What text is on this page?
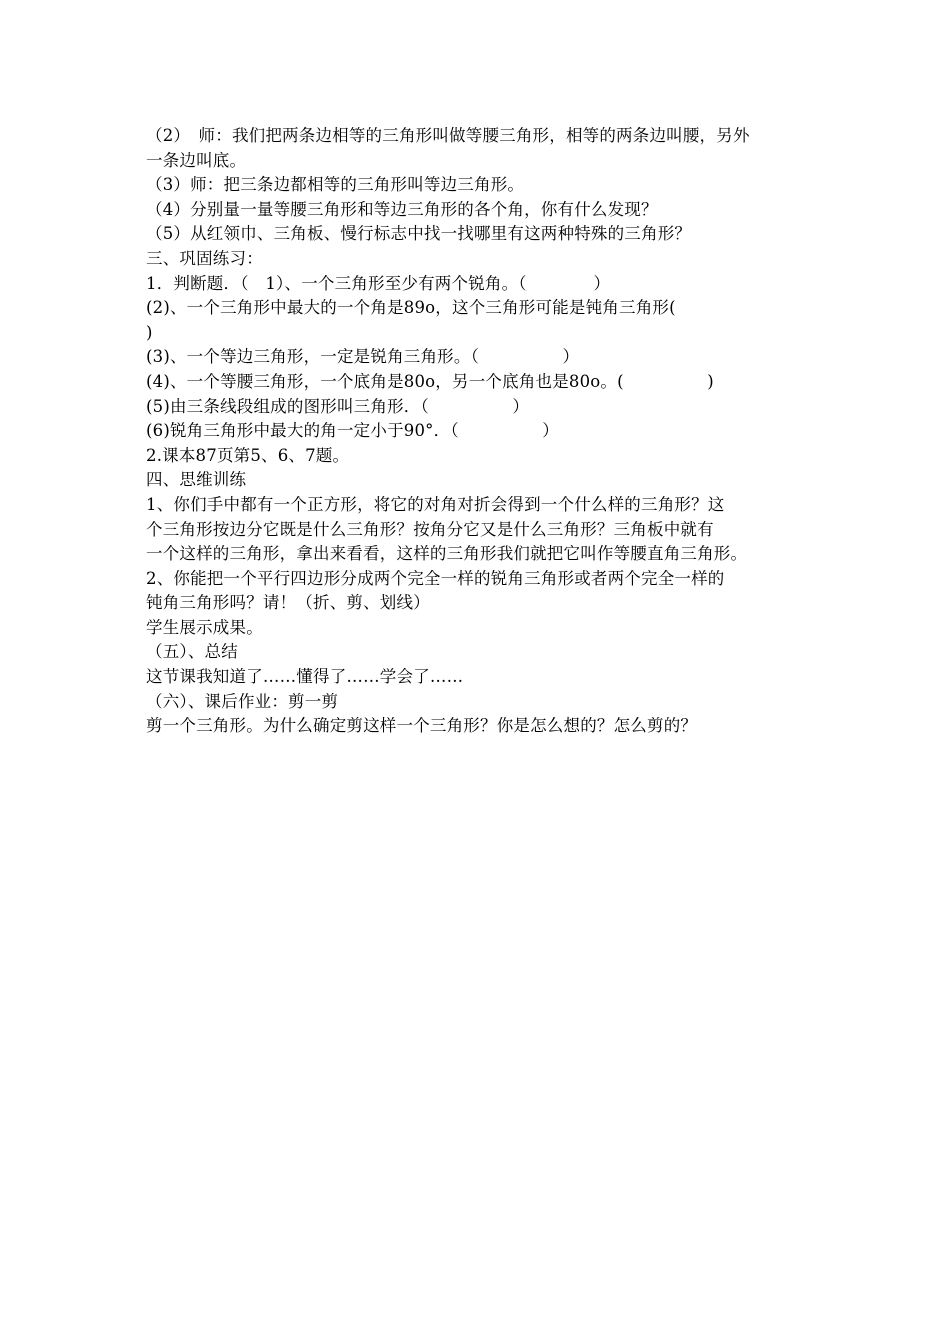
（2）　师：我们把两条边相等的三角形叫做等腰三角形，相等的两条边叫腰，另外
一条边叫底。
（3）师：把三条边都相等的三角形叫等边三角形。
（4）分别量一量等腰三角形和等边三角形的各个角，你有什么发现？
（5）从红领巾、三角板、慢行标志中找一找哪里有这两种特殊的三角形？
三、巩固练习：
1．判断题．（　1）、一个三角形至少有两个锐角。（　　　　）
(2)、一个三角形中最大的一个角是89o，这个三角形可能是钝角三角形(
)
(3)、一个等边三角形，一定是锐角三角形。（　　　　　）
(4)、一个等腰三角形，一个底角是80o，另一个底角也是80o。(　　　　　)
(5)由三条线段组成的图形叫三角形．（　　　　　）
(6)锐角三角形中最大的角一定小于90°．（　　　　　）
2.课本87页第5、6、7题。
四、思维训练
1、你们手中都有一个正方形，将它的对角对折会得到一个什么样的三角形？这
个三角形按边分它既是什么三角形？按角分它又是什么三角形？三角板中就有
一个这样的三角形，拿出来看看，这样的三角形我们就把它叫作等腰直角三角形。
2、你能把一个平行四边形分成两个完全一样的锐角三角形或者两个完全一样的
钝角三角形吗？请！（折、剪、划线）
学生展示成果。
（五）、总结
这节课我知道了……懂得了……学会了……
（六）、课后作业：剪一剪
剪一个三角形。为什么确定剪这样一个三角形？你是怎么想的？怎么剪的？
